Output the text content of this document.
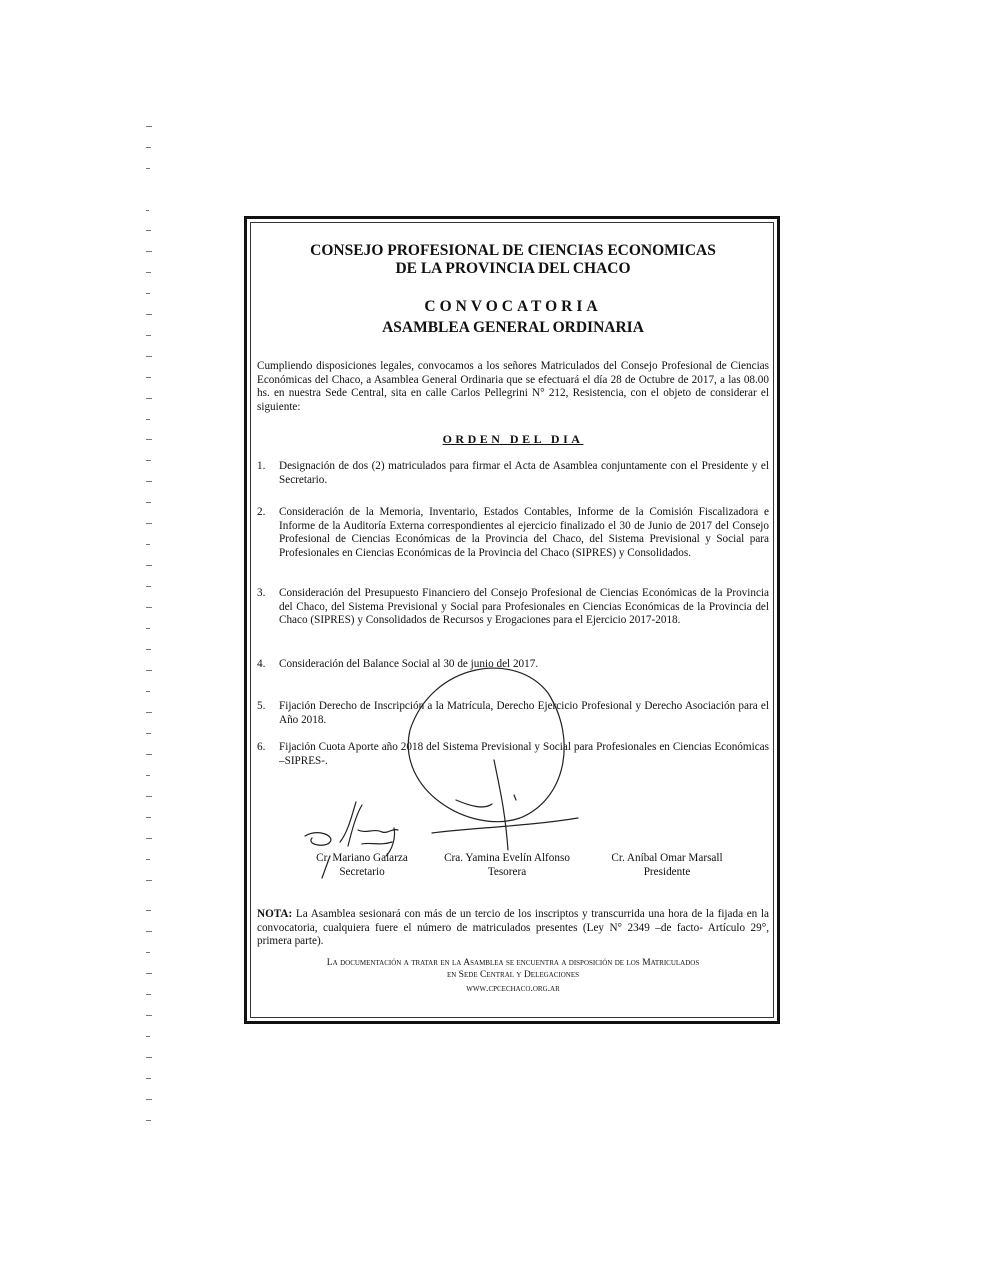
CONSEJO PROFESIONAL DE CIENCIAS ECONOMICAS
DE LA PROVINCIA DEL CHACO
CONVOCATORIA
ASAMBLEA GENERAL ORDINARIA
Cumpliendo disposiciones legales, convocamos a los señores Matriculados del Consejo Profesional de Ciencias Económicas del Chaco, a Asamblea General Ordinaria que se efectuará el día 28 de Octubre de 2017, a las 08.00 hs. en nuestra Sede Central, sita en calle Carlos Pellegrini N° 212, Resistencia, con el objeto de considerar el siguiente:
ORDEN DEL DIA
1. Designación de dos (2) matriculados para firmar el Acta de Asamblea conjuntamente con el Presidente y el Secretario.
2. Consideración de la Memoria, Inventario, Estados Contables, Informe de la Comisión Fiscalizadora e Informe de la Auditoría Externa correspondientes al ejercicio finalizado el 30 de Junio de 2017 del Consejo Profesional de Ciencias Económicas de la Provincia del Chaco, del Sistema Previsional y Social para Profesionales en Ciencias Económicas de la Provincia del Chaco (SIPRES) y Consolidados.
3. Consideración del Presupuesto Financiero del Consejo Profesional de Ciencias Económicas de la Provincia del Chaco, del Sistema Previsional y Social para Profesionales en Ciencias Económicas de la Provincia del Chaco (SIPRES) y Consolidados de Recursos y Erogaciones para el Ejercicio 2017-2018.
4. Consideración del Balance Social al 30 de junio del 2017.
5. Fijación Derecho de Inscripción a la Matrícula, Derecho Ejercicio Profesional y Derecho Asociación para el Año 2018.
6. Fijación Cuota Aporte año 2018 del Sistema Previsional y Social para Profesionales en Ciencias Económicas –SIPRES-.
Cr. Mariano Galarza
Secretario
Cra. Yamina Evelín Alfonso
Tesorera
Cr. Aníbal Omar Marsall
Presidente
NOTA: La Asamblea sesionará con más de un tercio de los inscriptos y transcurrida una hora de la fijada en la convocatoria, cualquiera fuere el número de matriculados presentes (Ley N° 2349 –de facto- Artículo 29°, primera parte).
La documentación a tratar en la Asamblea se encuentra a disposición de los Matriculados
en Sede Central y Delegaciones
www.cpcechaco.org.ar
